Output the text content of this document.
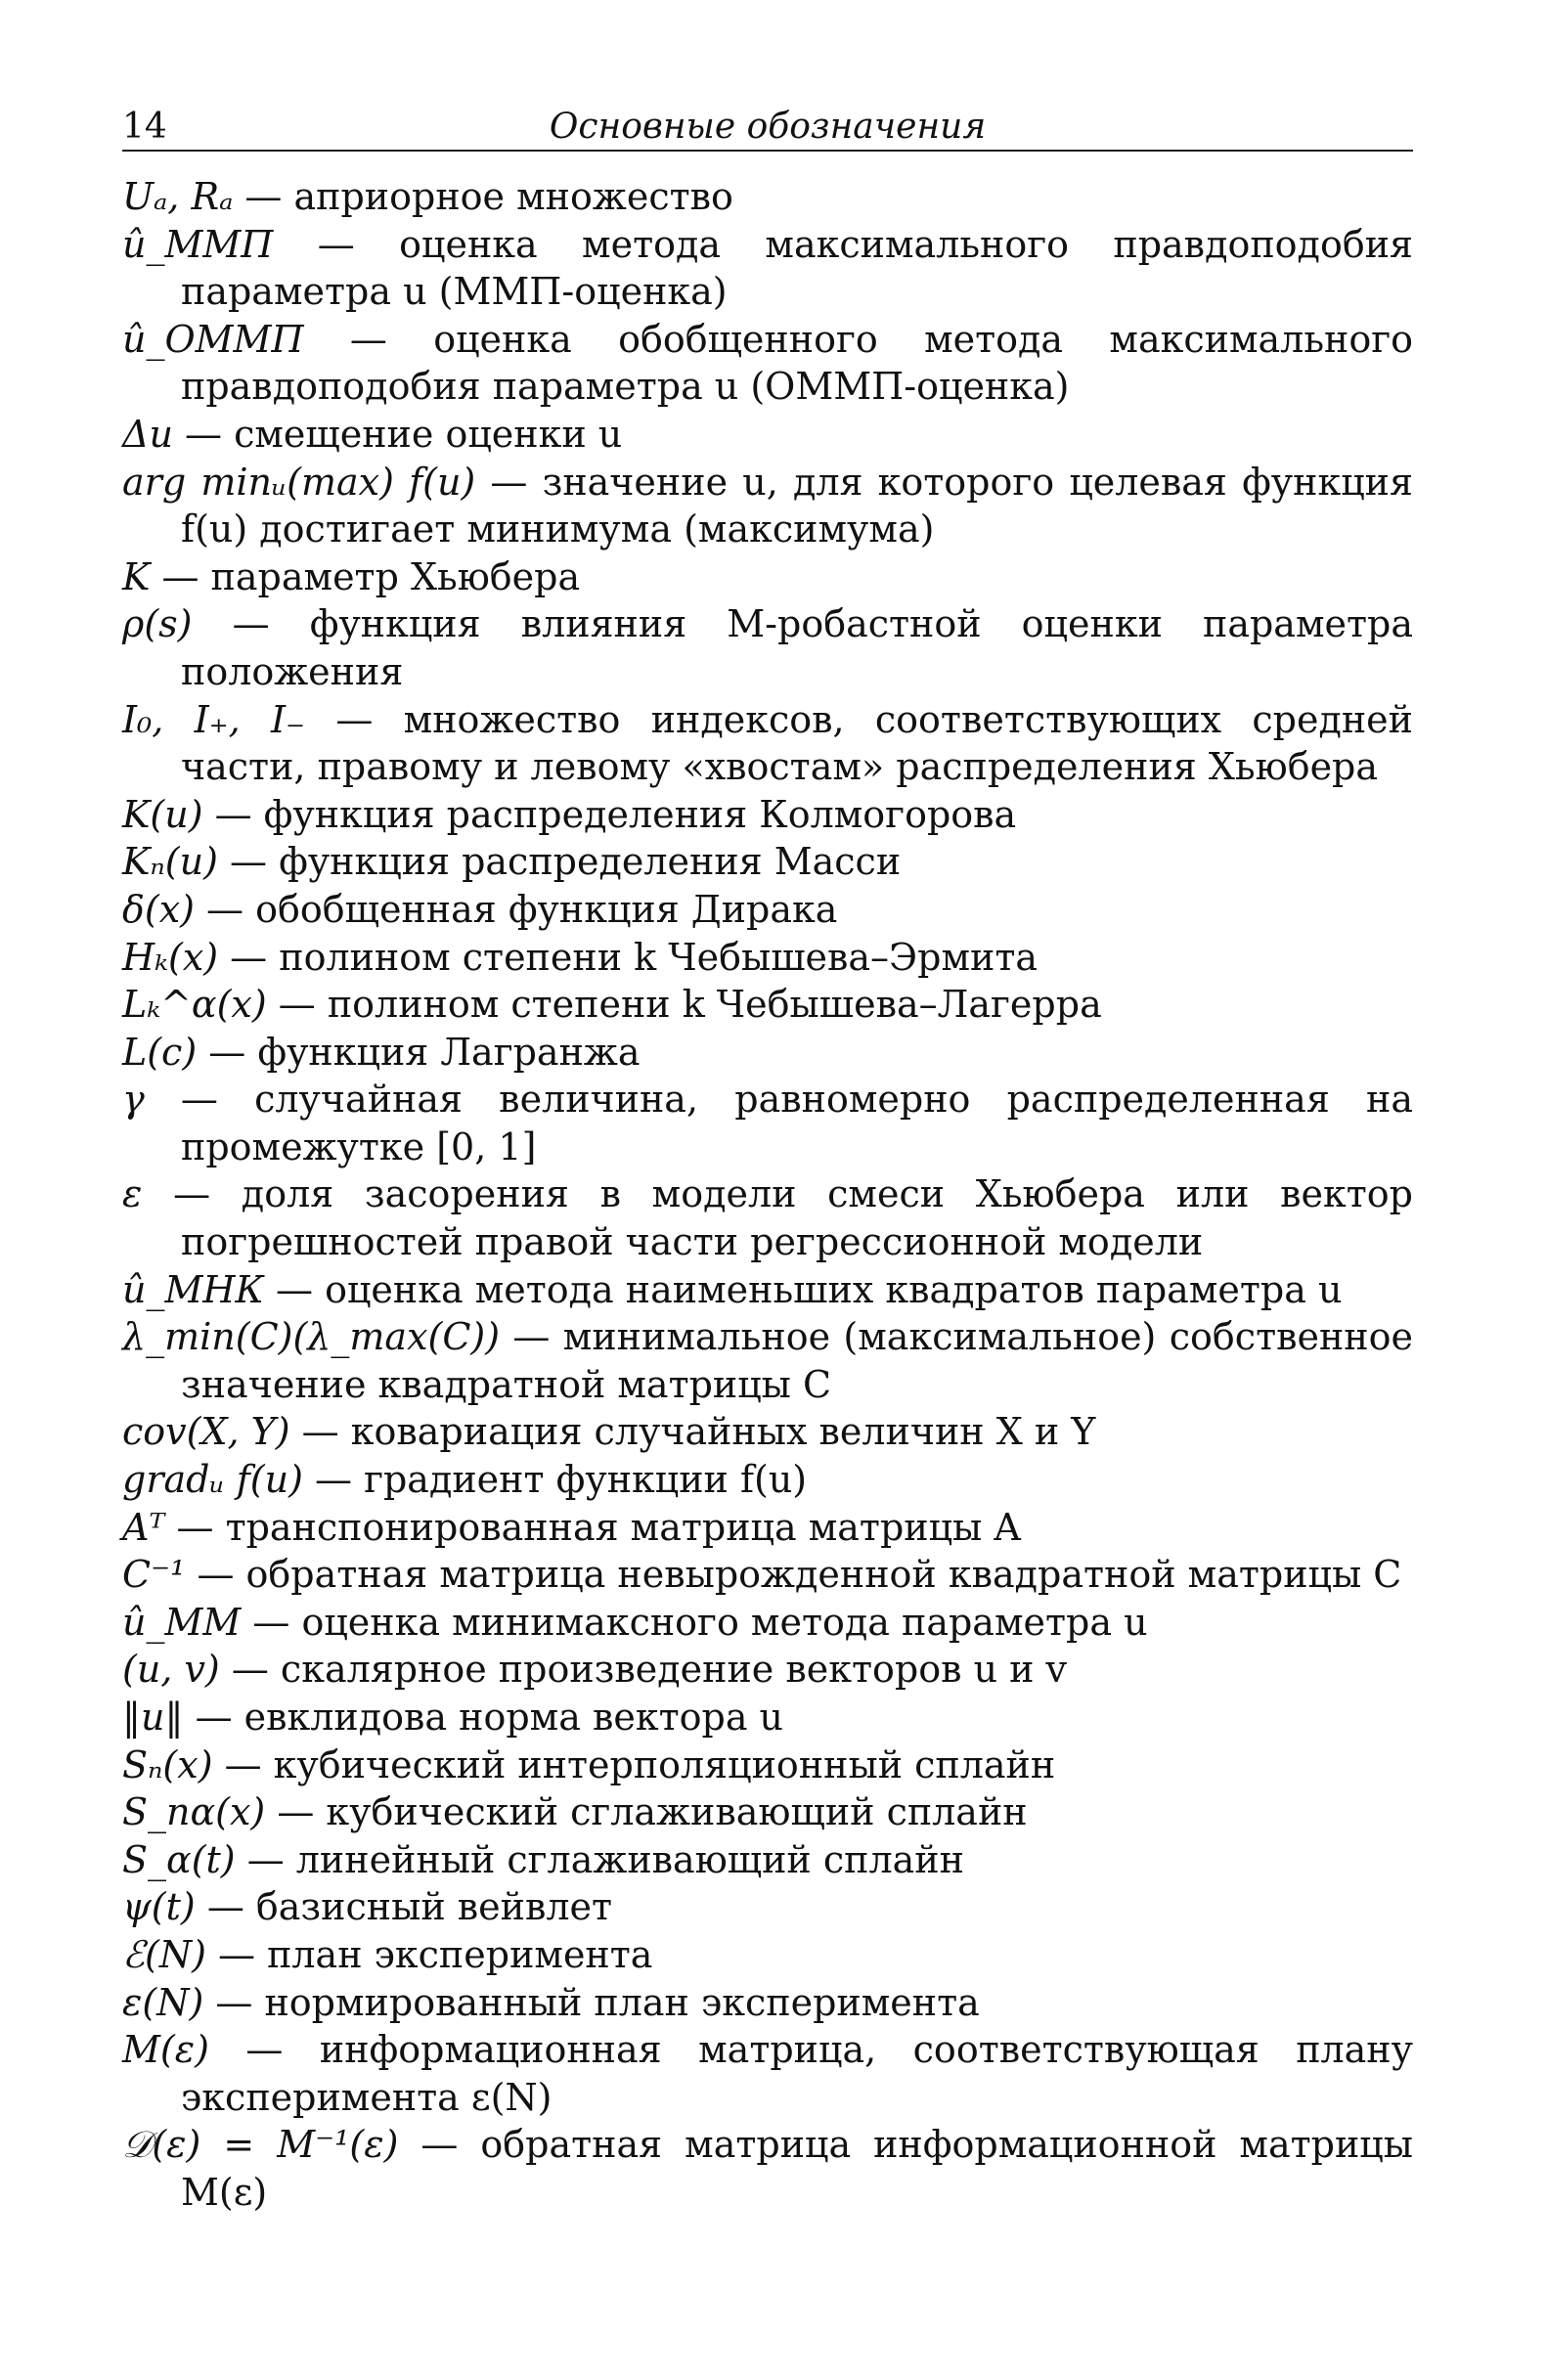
14	Основные обозначения
Uₐ, Rₐ — априорное множество
û_ММП — оценка метода максимального правдоподобия параметра u (ММП-оценка)
û_ОММП — оценка обобщенного метода максимального правдоподобия параметра u (ОММП-оценка)
Δu — смещение оценки u
arg minᵤ(max) f(u) — значение u, для которого целевая функция f(u) достигает минимума (максимума)
K — параметр Хьюбера
ρ(s) — функция влияния M-робастной оценки параметра положения
I₀, I₊, I₋ — множество индексов, соответствующих средней части, правому и левому «хвостам» распределения Хьюбера
K(u) — функция распределения Колмогорова
Kₙ(u) — функция распределения Масси
δ(x) — обобщенная функция Дирака
Hₖ(x) — полином степени k Чебышева–Эрмита
Lₖ^α(x) — полином степени k Чебышева–Лагерра
L(c) — функция Лагранжа
γ — случайная величина, равномерно распределенная на промежутке [0, 1]
ε — доля засорения в модели смеси Хьюбера или вектор погрешностей правой части регрессионной модели
û_МНК — оценка метода наименьших квадратов параметра u
λ_min(C)(λ_max(C)) — минимальное (максимальное) собственное значение квадратной матрицы C
cov(X, Y) — ковариация случайных величин X и Y
gradᵤ f(u) — градиент функции f(u)
Aᵀ — транспонированная матрица матрицы A
C⁻¹ — обратная матрица невырожденной квадратной матрицы C
û_ММ — оценка минимаксного метода параметра u
(u, v) — скалярное произведение векторов u и v
‖u‖ — евклидова норма вектора u
Sₙ(x) — кубический интерполяционный сплайн
S_nα(x) — кубический сглаживающий сплайн
S_α(t) — линейный сглаживающий сплайн
ψ(t) — базисный вейвлет
ℰ(N) — план эксперимента
ε(N) — нормированный план эксперимента
M(ε) — информационная матрица, соответствующая плану эксперимента ε(N)
𝒟(ε) = M⁻¹(ε) — обратная матрица информационной матрицы M(ε)
